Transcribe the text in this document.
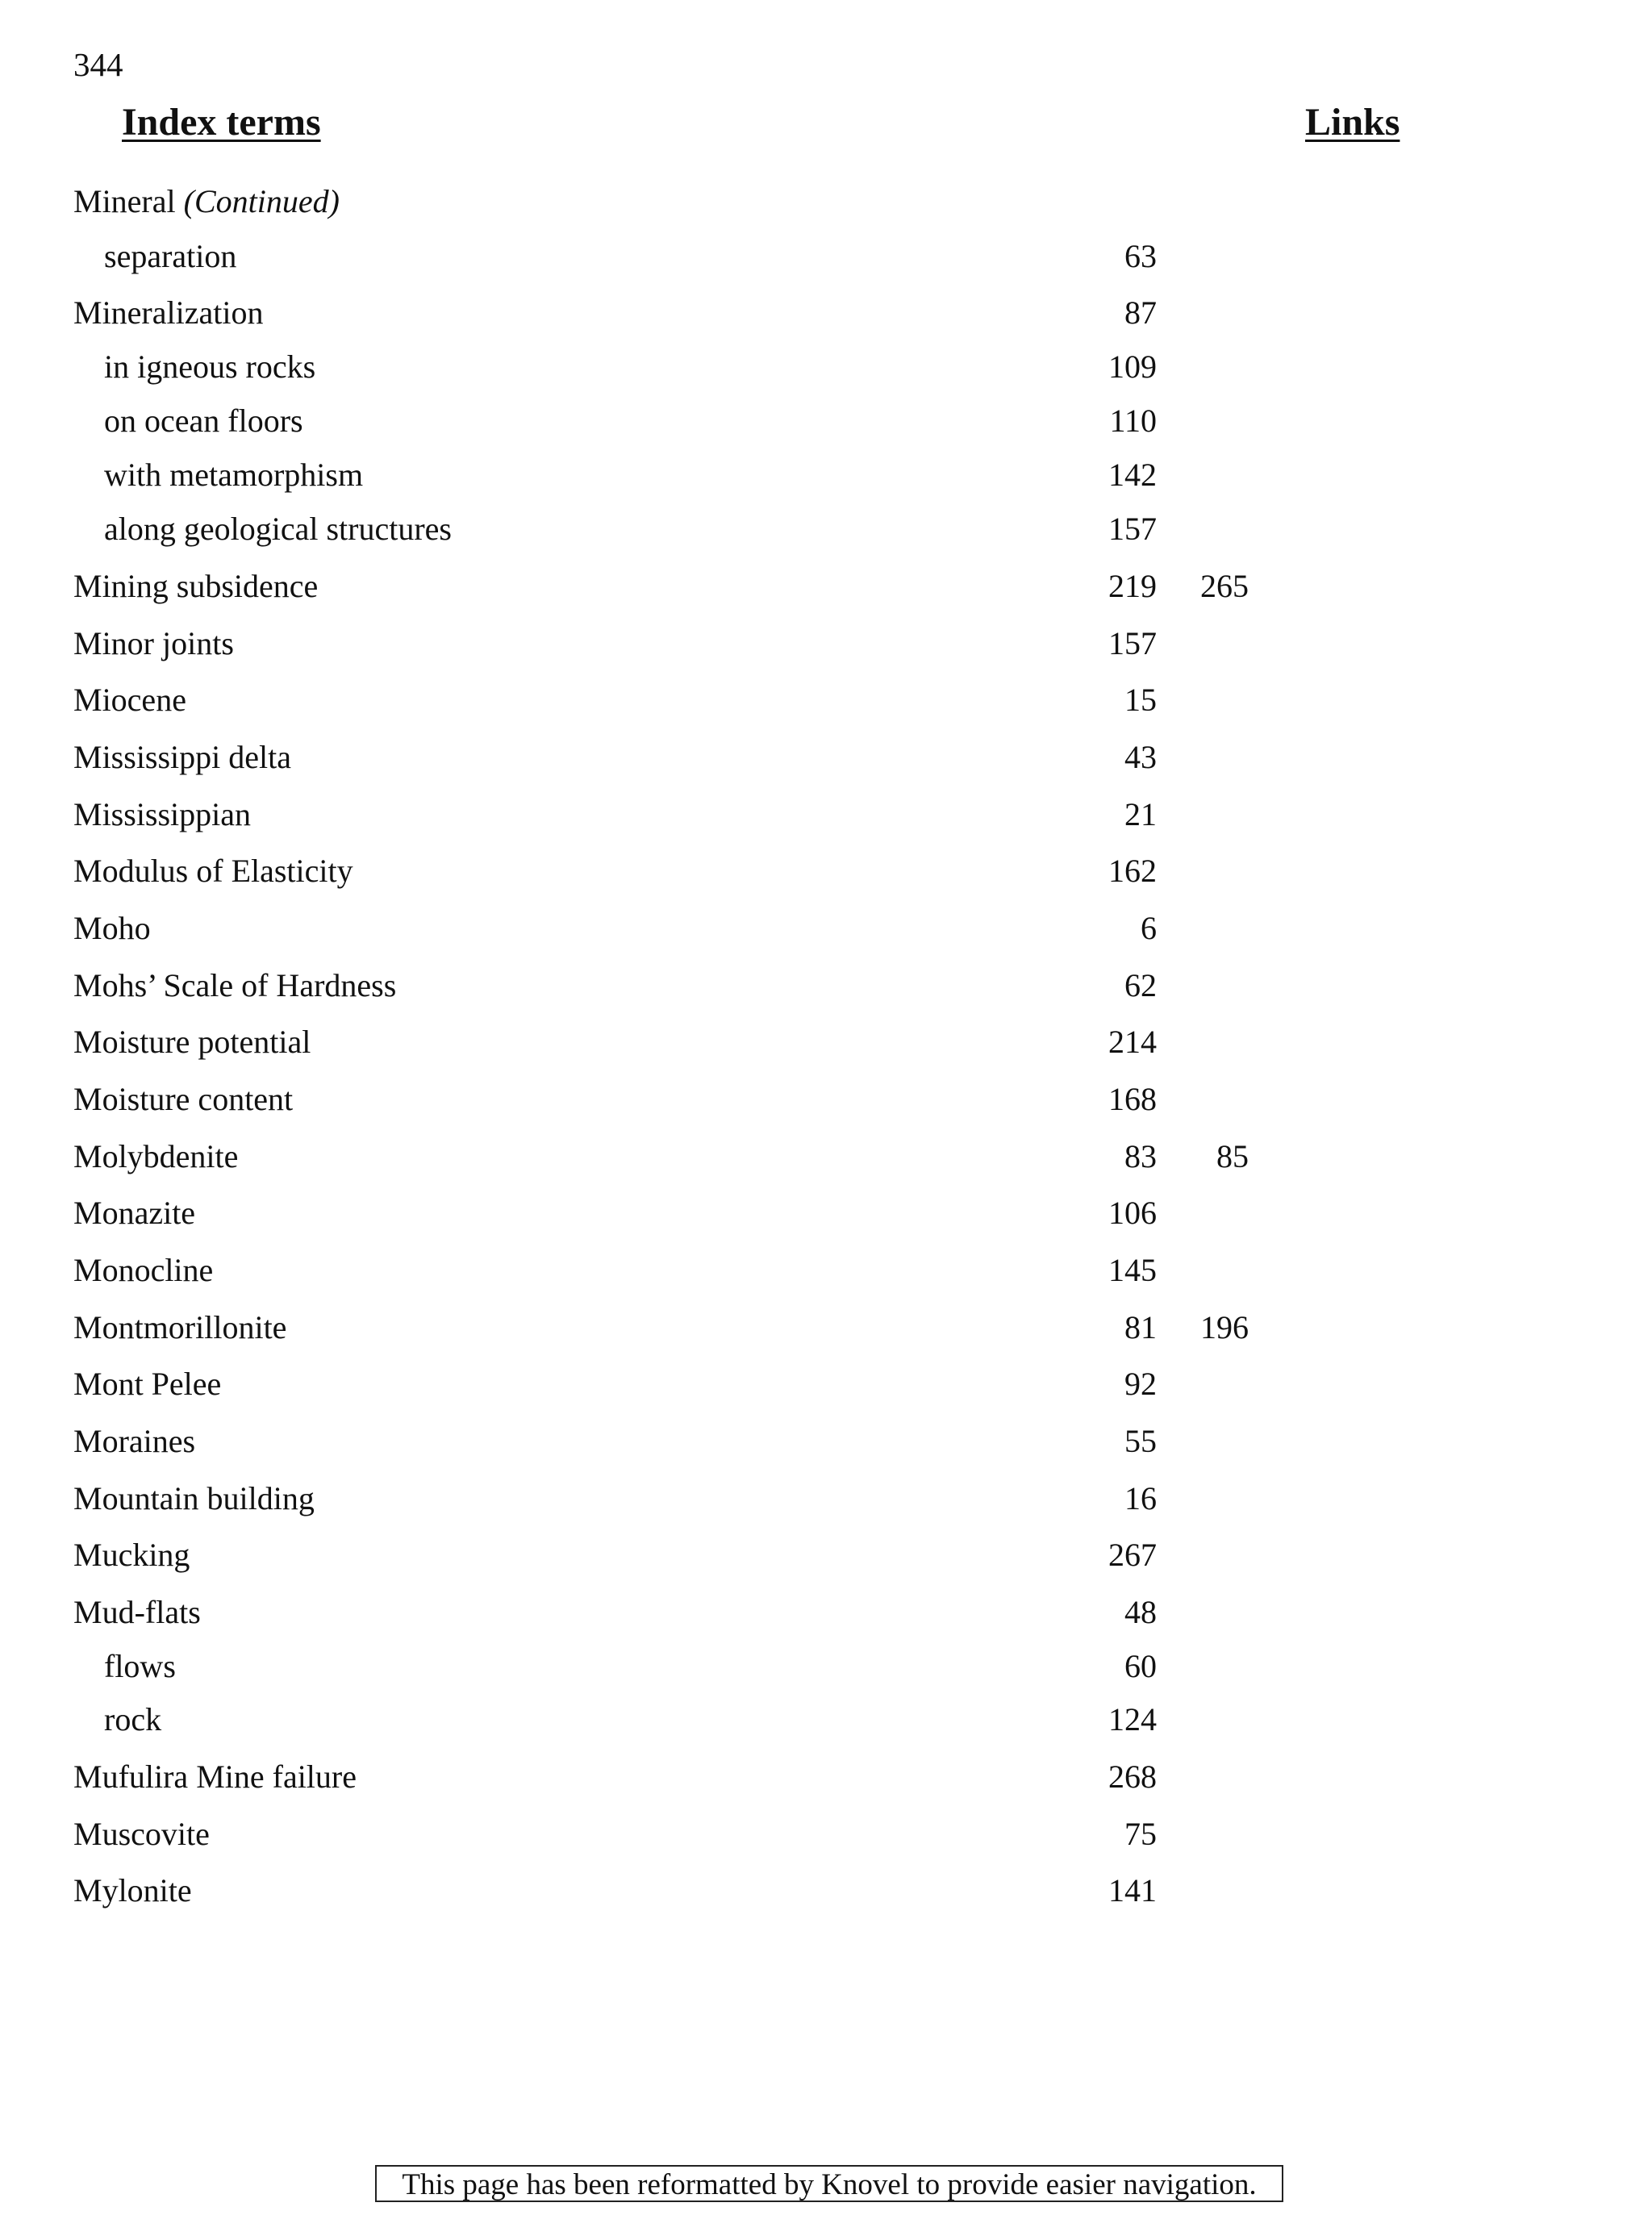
344
Index terms	Links
Mineral (Continued)
separation	63
Mineralization	87
in igneous rocks	109
on ocean floors	110
with metamorphism	142
along geological structures	157
Mining subsidence	219 265
Minor joints	157
Miocene	15
Mississippi delta	43
Mississippian	21
Modulus of Elasticity	162
Moho	6
Mohs’ Scale of Hardness	62
Moisture potential	214
Moisture content	168
Molybdenite	83 85
Monazite	106
Monocline	145
Montmorillonite	81 196
Mont Pelee	92
Moraines	55
Mountain building	16
Mucking	267
Mud-flats	48
flows	60
rock	124
Mufulira Mine failure	268
Muscovite	75
Mylonite	141
This page has been reformatted by Knovel to provide easier navigation.
